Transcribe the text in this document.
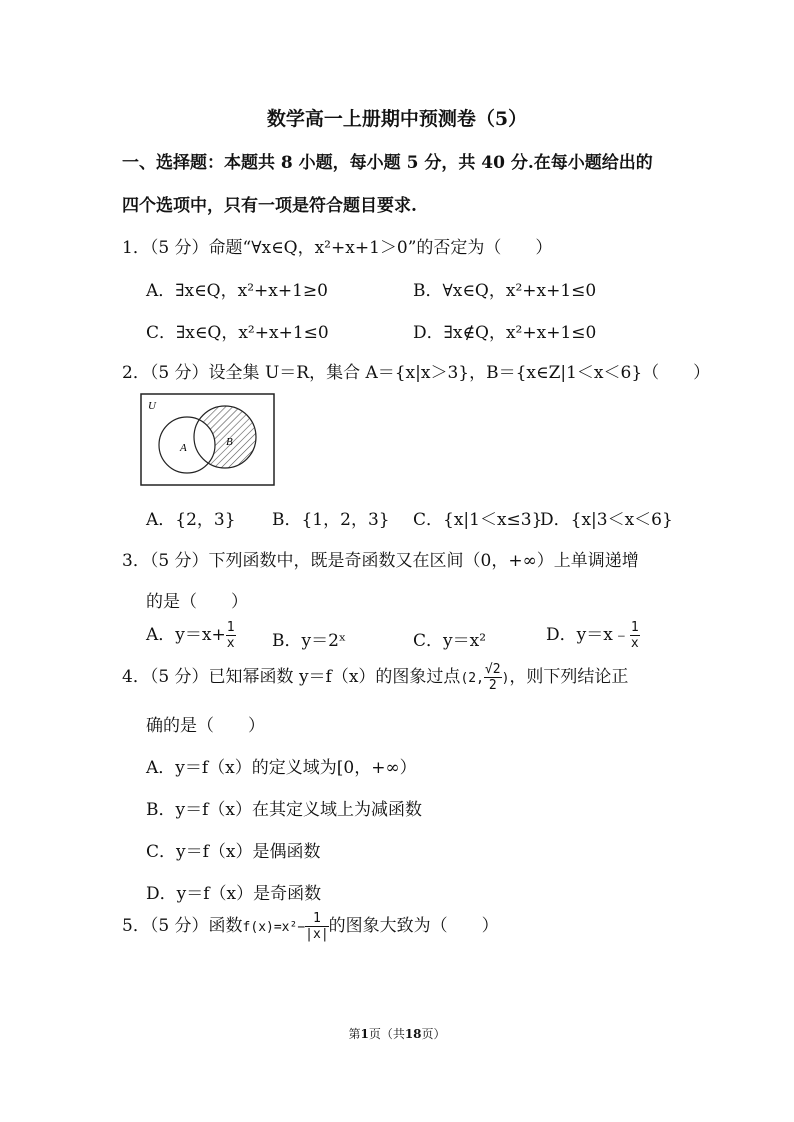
数学高一上册期中预测卷（5）
一、选择题：本题共 8 小题，每小题 5 分，共 40 分.在每小题给出的
四个选项中，只有一项是符合题目要求.
1．（5 分）命题“∀x∈Q，x²+x+1＞0”的否定为（　　）
A．∃x∈Q，x²+x+1≥0	B．∀x∈Q，x²+x+1≤0
C．∃x∈Q，x²+x+1≤0	D．∃x∉Q，x²+x+1≤0
2．（5 分）设全集 U＝R，集合 A＝{x|x＞3}，B＝{x∈Z|1＜x＜6}（　　）
U
A	B
A．{2，3} B．{1，2，3} C．{x|1＜x≤3}
D．{x|3＜x＜6}
3．（5 分）下列函数中，既是奇函数又在区间（0，+∞）上单调递增
的是（　　）
A．$y=x+ \frac{1}{x}$ B．y＝2ˣ	C．y＝x²	D．y＝x﹣ $\frac{1}{x}$
4．（5 分）已知幂函数 y＝f（x）的图象过点(2, $\frac{√2}{2}$ )，则下列结论正
确的是（　　）
A．y＝f（x）的定义域为[0，+∞）
B．y＝f（x）在其定义域上为减函数
C．y＝f（x）是偶函数
D．y＝f（x）是奇函数
5．（5 分）函数$f(x)=x^2- \frac{1}{|x|}$ 的图象大致为（　　）
第1页（共18页）
